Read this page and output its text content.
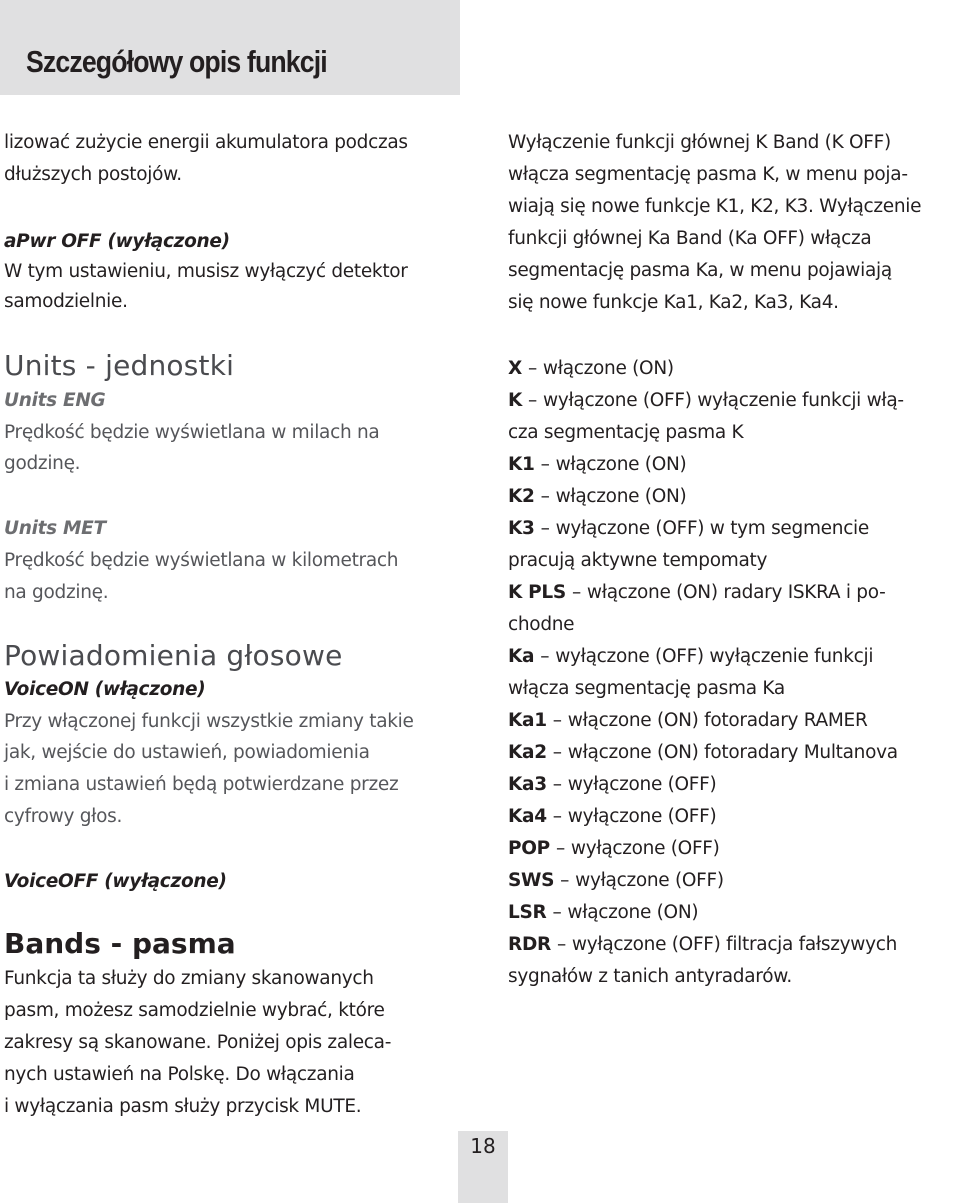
Szczegółowy opis funkcji
lizować zużycie energii akumulatora podczas
dłuższych postojów.
aPwr OFF (wyłączone)
W tym ustawieniu, musisz wyłączyć detektor
samodzielnie.
Units - jednostki
Units ENG
Prędkość będzie wyświetlana w milach na
godzinę.
Units MET
Prędkość będzie wyświetlana w kilometrach
na godzinę.
Powiadomienia głosowe
VoiceON (włączone)
Przy włączonej funkcji wszystkie zmiany takie
jak, wejście do ustawień, powiadomienia
i zmiana ustawień będą potwierdzane przez
cyfrowy głos.
VoiceOFF (wyłączone)
Bands - pasma
Funkcja ta służy do zmiany skanowanych
pasm, możesz samodzielnie wybrać, które
zakresy są skanowane. Poniżej opis zaleca-
nych ustawień na Polskę. Do włączania
i wyłączania pasm służy przycisk MUTE.
Wyłączenie funkcji głównej K Band (K OFF)
włącza segmentację pasma K, w menu poja-
wiają się nowe funkcje K1, K2, K3. Wyłączenie
funkcji głównej Ka Band (Ka OFF) włącza
segmentację pasma Ka, w menu pojawiają
się nowe funkcje Ka1, Ka2, Ka3, Ka4.
X – włączone (ON)
K – wyłączone (OFF) wyłączenie funkcji włą-
cza segmentację pasma K
K1 – włączone (ON)
K2 – włączone (ON)
K3 – wyłączone (OFF) w tym segmencie
pracują aktywne tempomaty
K PLS – włączone (ON) radary ISKRA i po-
chodne
Ka – wyłączone (OFF) wyłączenie funkcji
włącza segmentację pasma Ka
Ka1 – włączone (ON) fotoradary RAMER
Ka2 – włączone (ON) fotoradary Multanova
Ka3 – wyłączone (OFF)
Ka4 – wyłączone (OFF)
POP – wyłączone (OFF)
SWS – wyłączone (OFF)
LSR – włączone (ON)
RDR – wyłączone (OFF) filtracja fałszywych
sygnałów z tanich antyradarów.
18
